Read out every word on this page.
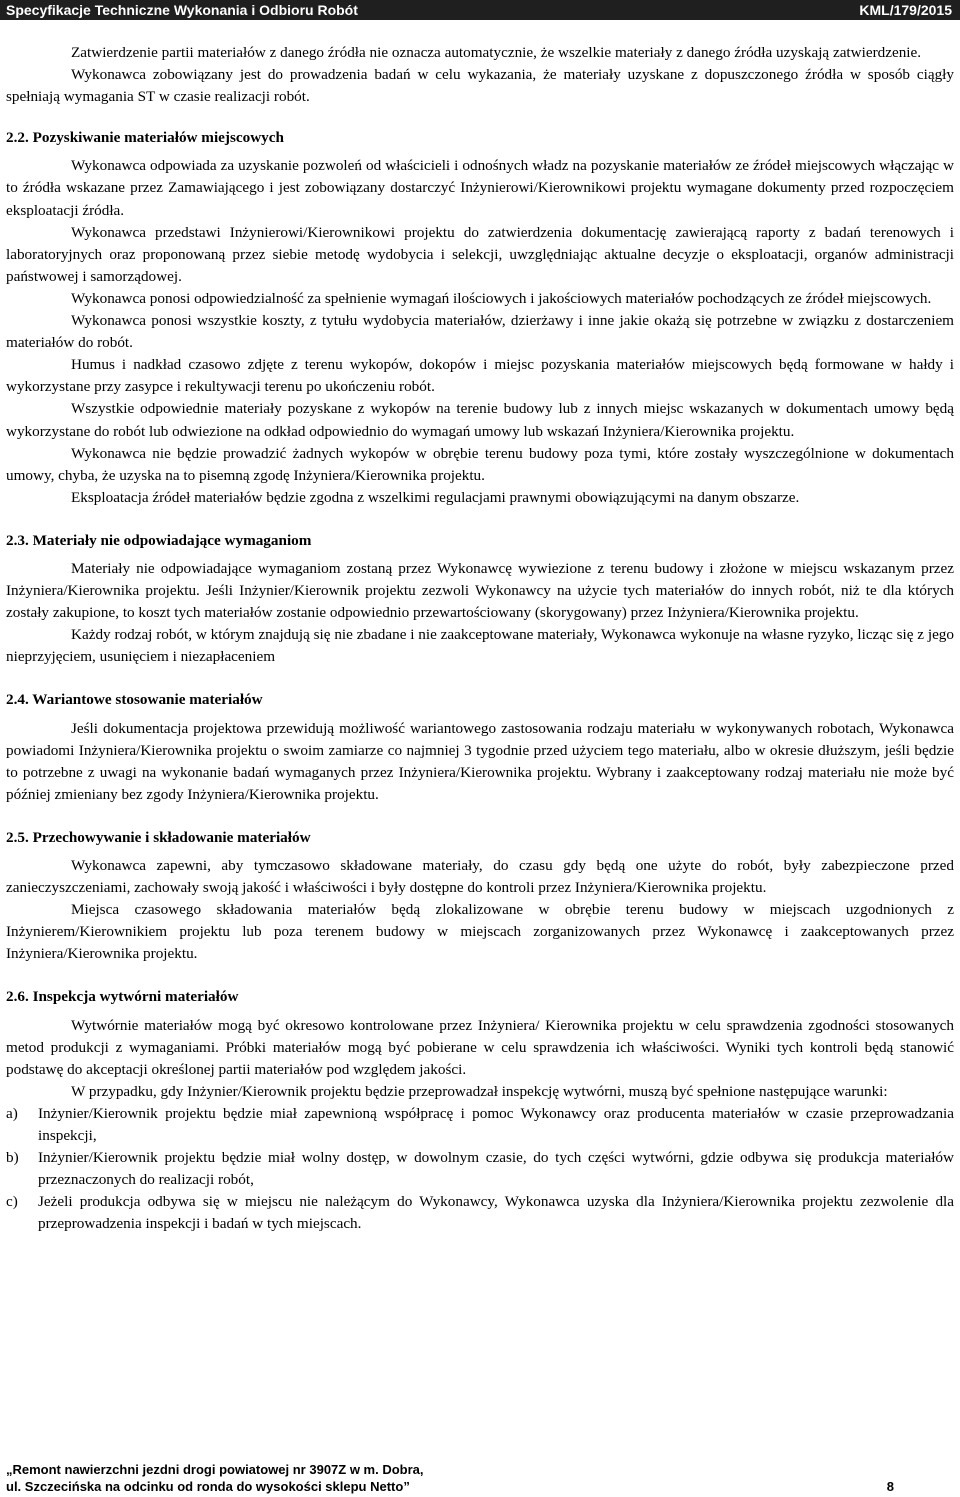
Specyfikacje Techniczne Wykonania i Odbioru Robót	KML/179/2015

Zatwierdzenie partii materiałów z danego źródła nie oznacza automatycznie, że wszelkie materiały z danego źródła uzyskają zatwierdzenie.

Wykonawca zobowiązany jest do prowadzenia badań w celu wykazania, że materiały uzyskane z dopuszczonego źródła w sposób ciągły spełniają wymagania ST w czasie realizacji robót.

2.2. Pozyskiwanie materiałów miejscowych

Wykonawca odpowiada za uzyskanie pozwoleń od właścicieli i odnośnych władz na pozyskanie materiałów ze źródeł miejscowych włączając w to źródła wskazane przez Zamawiającego i jest zobowiązany dostarczyć Inżynierowi/Kierownikowi projektu wymagane dokumenty przed rozpoczęciem eksploatacji źródła.

Wykonawca przedstawi Inżynierowi/Kierownikowi projektu do zatwierdzenia dokumentację zawierającą raporty z badań terenowych i laboratoryjnych oraz proponowaną przez siebie metodę wydobycia i selekcji, uwzględniając aktualne decyzje o eksploatacji, organów administracji państwowej i samorządowej.

Wykonawca ponosi odpowiedzialność za spełnienie wymagań ilościowych i jakościowych materiałów pochodzących ze źródeł miejscowych.

Wykonawca ponosi wszystkie koszty, z tytułu wydobycia materiałów, dzierżawy i inne jakie okażą się potrzebne w związku z dostarczeniem materiałów do robót.

Humus i nadkład czasowo zdjęte z terenu wykopów, dokopów i miejsc pozyskania materiałów miejscowych będą formowane w hałdy i wykorzystane przy zasypce i rekultywacji terenu po ukończeniu robót.

Wszystkie odpowiednie materiały pozyskane z wykopów na terenie budowy lub z innych miejsc wskazanych w dokumentach umowy będą wykorzystane do robót lub odwiezione na odkład odpowiednio do wymagań umowy lub wskazań Inżyniera/Kierownika projektu.

Wykonawca nie będzie prowadzić żadnych wykopów w obrębie terenu budowy poza tymi, które zostały wyszczególnione w dokumentach umowy, chyba, że uzyska na to pisemną zgodę Inżyniera/Kierownika projektu.

Eksploatacja źródeł materiałów będzie zgodna z wszelkimi regulacjami prawnymi obowiązującymi na danym obszarze.

2.3. Materiały nie odpowiadające wymaganiom

Materiały nie odpowiadające wymaganiom zostaną przez Wykonawcę wywiezione z terenu budowy i złożone w miejscu wskazanym przez Inżyniera/Kierownika projektu. Jeśli Inżynier/Kierownik projektu zezwoli Wykonawcy na użycie tych materiałów do innych robót, niż te dla których zostały zakupione, to koszt tych materiałów zostanie odpowiednio przewartościowany (skorygowany) przez Inżyniera/Kierownika projektu.

Każdy rodzaj robót, w którym znajdują się nie zbadane i nie zaakceptowane materiały, Wykonawca wykonuje na własne ryzyko, licząc się z jego nieprzyjęciem, usunięciem i niezapłaceniem

2.4. Wariantowe stosowanie materiałów

Jeśli dokumentacja projektowa przewidują możliwość wariantowego zastosowania rodzaju materiału w wykonywanych robotach, Wykonawca powiadomi Inżyniera/Kierownika projektu o swoim zamiarze co najmniej 3 tygodnie przed użyciem tego materiału, albo w okresie dłuższym, jeśli będzie to potrzebne z uwagi na wykonanie badań wymaganych przez Inżyniera/Kierownika projektu. Wybrany i zaakceptowany rodzaj materiału nie może być później zmieniany bez zgody Inżyniera/Kierownika projektu.

2.5. Przechowywanie i składowanie materiałów

Wykonawca zapewni, aby tymczasowo składowane materiały, do czasu gdy będą one użyte do robót, były zabezpieczone przed zanieczyszczeniami, zachowały swoją jakość i właściwości i były dostępne do kontroli przez Inżyniera/Kierownika projektu.

Miejsca czasowego składowania materiałów będą zlokalizowane w obrębie terenu budowy w miejscach uzgodnionych z Inżynierem/Kierownikiem projektu lub poza terenem budowy w miejscach zorganizowanych przez Wykonawcę i zaakceptowanych przez Inżyniera/Kierownika projektu.

2.6. Inspekcja wytwórni materiałów

Wytwórnie materiałów mogą być okresowo kontrolowane przez Inżyniera/ Kierownika projektu w celu sprawdzenia zgodności stosowanych metod produkcji z wymaganiami. Próbki materiałów mogą być pobierane w celu sprawdzenia ich właściwości. Wyniki tych kontroli będą stanowić podstawę do akceptacji określonej partii materiałów pod względem jakości.

W przypadku, gdy Inżynier/Kierownik projektu będzie przeprowadzał inspekcję wytwórni, muszą być spełnione następujące warunki:

a)	Inżynier/Kierownik projektu będzie miał zapewnioną współpracę i pomoc Wykonawcy oraz producenta materiałów w czasie przeprowadzania inspekcji,
b)	Inżynier/Kierownik projektu będzie miał wolny dostęp, w dowolnym czasie, do tych części wytwórni, gdzie odbywa się produkcja materiałów przeznaczonych do realizacji robót,
c)	Jeżeli produkcja odbywa się w miejscu nie należącym do Wykonawcy, Wykonawca uzyska dla Inżyniera/Kierownika projektu zezwolenie dla przeprowadzenia inspekcji i badań w tych miejscach.
„Remont nawierzchni jezdni drogi powiatowej nr 3907Z w m. Dobra,
ul. Szczecińska na odcinku od ronda do wysokości sklepu Netto”	8
